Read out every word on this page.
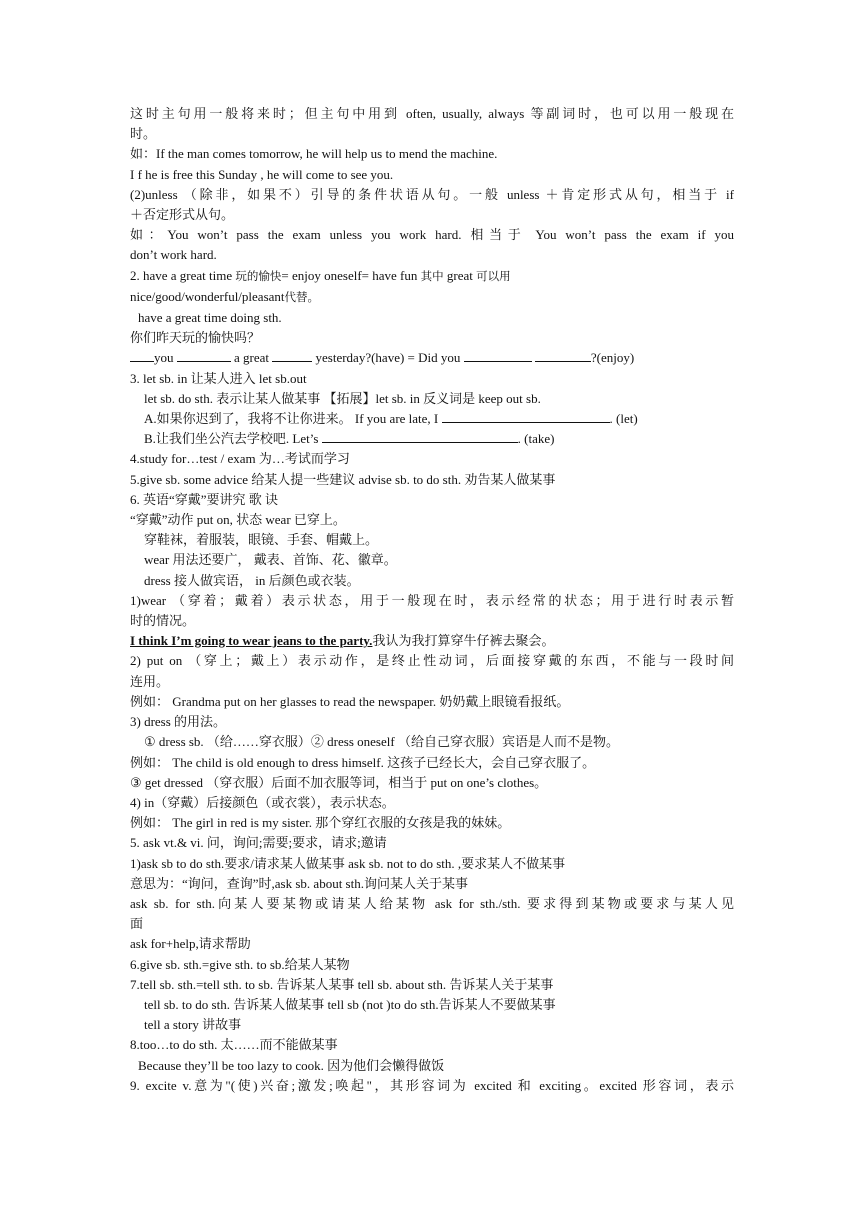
这时主句用一般将来时；但主句中用到 often, usually, always 等副词时，也可以用一般现在
时。
如：If the man comes tomorrow, he will help us to mend the machine.
I f he is free this Sunday , he will come to see you.
(2)unless （除非，如果不）引导的条件状语从句。一般 unless ＋肯定形式从句，相当于 if
＋否定形式从句。
如：You won’t pass the exam unless you work hard. 相当于 You won’t pass the exam if you
don’t work hard.
2. have a great time 玩的愉快= enjoy oneself= have fun 其中 great 可以用
nice/good/wonderful/pleasant代替。
have a great time doing sth.
你们昨天玩的愉快吗？
you	a great	yesterday?(have) = Did you	?(enjoy)
3. let sb. in 让某人进入 let sb.out
let sb. do sth. 表示让某人做某事 【拓展】let sb. in 反义词是 keep out sb.
A.如果你迟到了，我将不让你进来。 If you are late, I	. (let)
B.让我们坐公汽去学校吧. Let’s	. (take)
4.study for…test / exam 为…考试而学习
5.give sb. some advice 给某人提一些建议 advise sb. to do sth. 劝告某人做某事
6. 英语“穿戴”要讲究 歌 诀
“穿戴”动作 put on, 状态 wear 已穿上。
穿鞋袜，着服装，眼镜、手套、帽戴上。
wear 用法还要广， 戴表、首饰、花、徽章。
dress 接人做宾语， in 后颜色或衣装。
1)wear （穿着；戴着）表示状态，用于一般现在时，表示经常的状态；用于进行时表示暂
时的情况。
I think I’m going to wear jeans to the party.我认为我打算穿牛仔裤去聚会。
2) put on （穿上；戴上）表示动作，是终止性动词，后面接穿戴的东西，不能与一段时间
连用。
例如： Grandma put on her glasses to read the newspaper. 奶奶戴上眼镜看报纸。
3) dress 的用法。
① dress sb. （给……穿衣服）② dress oneself （给自己穿衣服）宾语是人而不是物。
例如： The child is old enough to dress himself. 这孩子已经长大，会自己穿衣服了。
③ get dressed （穿衣服）后面不加衣服等词，相当于 put on one’s clothes。
4) in（穿戴）后接颜色（或衣裳），表示状态。
例如： The girl in red is my sister. 那个穿红衣服的女孩是我的妹妹。
5. ask vt.& vi. 问，询问;需要;要求，请求;邀请
1)ask sb to do sth.要求/请求某人做某事 ask sb. not to do sth. ,要求某人不做某事
意思为：“询问，查询”时,ask sb. about sth.询问某人关于某事
ask sb. for sth.向某人要某物或请某人给某物 ask for sth./sth. 要求得到某物或要求与某人见
面
ask for+help,请求帮助
6.give sb. sth.=give sth. to sb.给某人某物
7.tell sb. sth.=tell sth. to sb. 告诉某人某事 tell sb. about sth. 告诉某人关于某事
tell sb. to do sth. 告诉某人做某事 tell sb (not )to do sth.告诉某人不要做某事
tell a story 讲故事
8.too…to do sth. 太……而不能做某事
Because they’ll be too lazy to cook. 因为他们会懒得做饭
9. excite v.意为"(使)兴奋;激发;唤起"，其形容词为 excited 和 exciting。excited 形容词，表示
